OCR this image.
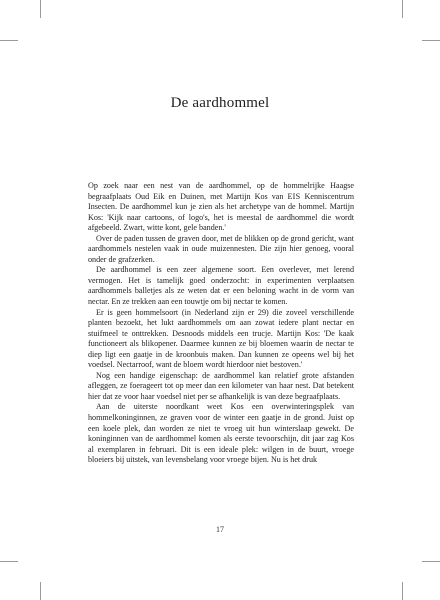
De aardhommel

Op zoek naar een nest van de aardhommel, op de hommelrijke Haagse begraafplaats Oud Eik en Duinen, met Martijn Kos van EIS Kenniscentrum Insecten. De aardhommel kun je zien als het archetype van de hommel. Martijn Kos: 'Kijk naar cartoons, of logo's, het is meestal de aardhommel die wordt afgebeeld. Zwart, witte kont, gele banden.'

Over de paden tussen de graven door, met de blikken op de grond gericht, want aardhommels nestelen vaak in oude muizennesten. Die zijn hier genoeg, vooral onder de grafzerken.

De aardhommel is een zeer algemene soort. Een overlever, met lerend vermogen. Het is tamelijk goed onderzocht: in experimenten verplaatsen aardhommels balletjes als ze weten dat er een beloning wacht in de vorm van nectar. En ze trekken aan een touwtje om bij nectar te komen.

Er is geen hommelsoort (in Nederland zijn er 29) die zoveel verschillende planten bezoekt, het lukt aardhommels om aan zowat iedere plant nectar en stuifmeel te onttrekken. Desnoods middels een trucje. Martijn Kos: 'De kaak functioneert als blikopener. Daarmee kunnen ze bij bloemen waarin de nectar te diep ligt een gaatje in de kroonbuis maken. Dan kunnen ze opeens wel bij het voedsel. Nectarroof, want de bloem wordt hierdoor niet bestoven.'

Nog een handige eigenschap: de aardhommel kan relatief grote afstanden afleggen, ze foerageert tot op meer dan een kilometer van haar nest. Dat betekent hier dat ze voor haar voedsel niet per se afhankelijk is van deze begraafplaats.

Aan de uiterste noordkant weet Kos een overwinteringsplek van hommelkoninginnen, ze graven voor de winter een gaatje in de grond. Juist op een koele plek, dan worden ze niet te vroeg uit hun winterslaap gewekt. De koninginnen van de aardhommel komen als eerste tevoorschijn, dit jaar zag Kos al exemplaren in februari. Dit is een ideale plek: wilgen in de buurt, vroege bloeiers bij uitstek, van levensbelang voor vroege bijen. Nu is het druk

17
